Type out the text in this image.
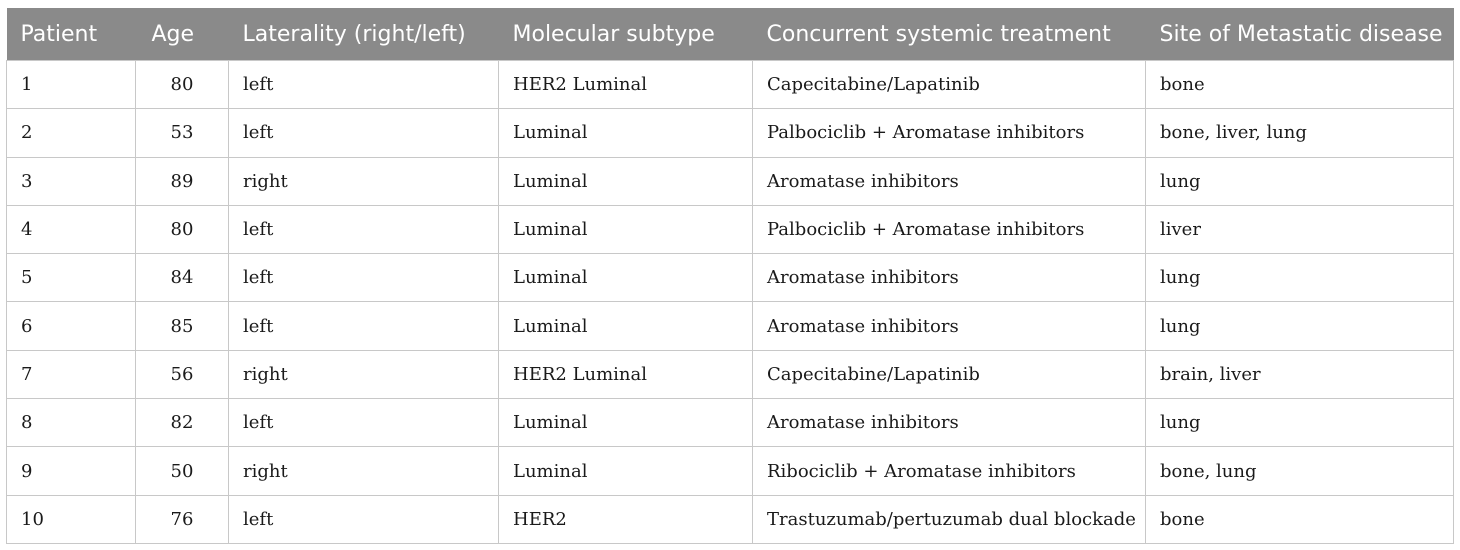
Patient	Age	Laterality (right/left)	Molecular subtype	Concurrent systemic treatment	Site of Metastatic disease
1	80	left	HER2 Luminal	Capecitabine/Lapatinib	bone
2	53	left	Luminal	Palbociclib + Aromatase inhibitors	bone, liver, lung
3	89	right	Luminal	Aromatase inhibitors	lung
4	80	left	Luminal	Palbociclib + Aromatase inhibitors	liver
5	84	left	Luminal	Aromatase inhibitors	lung
6	85	left	Luminal	Aromatase inhibitors	lung
7	56	right	HER2 Luminal	Capecitabine/Lapatinib	brain, liver
8	82	left	Luminal	Aromatase inhibitors	lung
9	50	right	Luminal	Ribociclib + Aromatase inhibitors	bone, lung
10	76	left	HER2	Trastuzumab/pertuzumab dual blockade	bone
